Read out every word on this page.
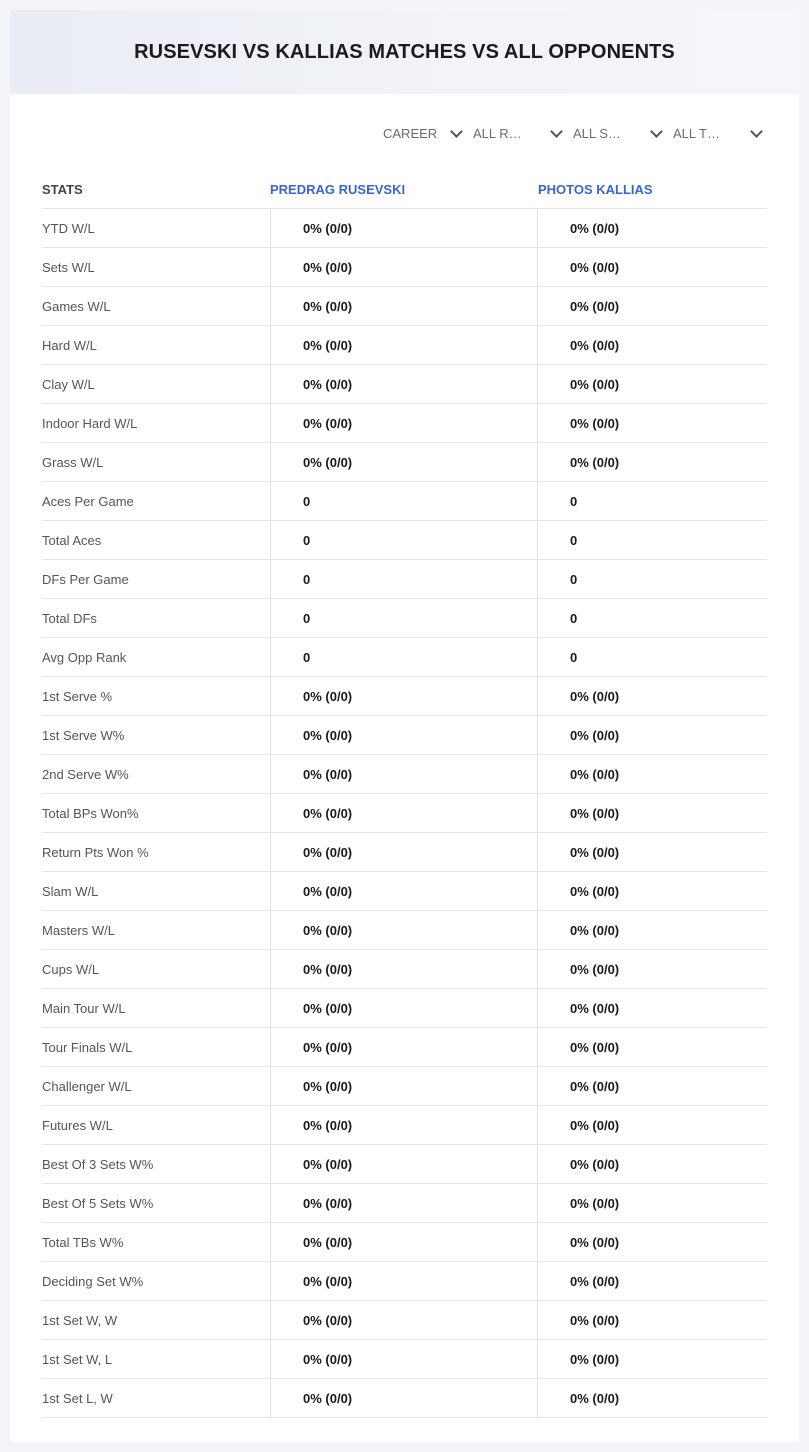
RUSEVSKI VS KALLIAS MATCHES VS ALL OPPONENTS
CAREER	ALL R…	ALL S…	ALL T…
STATS	PREDRAG RUSEVSKI	PHOTOS KALLIAS
YTD W/L	0% (0/0)	0% (0/0)
Sets W/L	0% (0/0)	0% (0/0)
Games W/L	0% (0/0)	0% (0/0)
Hard W/L	0% (0/0)	0% (0/0)
Clay W/L	0% (0/0)	0% (0/0)
Indoor Hard W/L	0% (0/0)	0% (0/0)
Grass W/L	0% (0/0)	0% (0/0)
Aces Per Game	0	0
Total Aces	0	0
DFs Per Game	0	0
Total DFs	0	0
Avg Opp Rank	0	0
1st Serve %	0% (0/0)	0% (0/0)
1st Serve W%	0% (0/0)	0% (0/0)
2nd Serve W%	0% (0/0)	0% (0/0)
Total BPs Won%	0% (0/0)	0% (0/0)
Return Pts Won %	0% (0/0)	0% (0/0)
Slam W/L	0% (0/0)	0% (0/0)
Masters W/L	0% (0/0)	0% (0/0)
Cups W/L	0% (0/0)	0% (0/0)
Main Tour W/L	0% (0/0)	0% (0/0)
Tour Finals W/L	0% (0/0)	0% (0/0)
Challenger W/L	0% (0/0)	0% (0/0)
Futures W/L	0% (0/0)	0% (0/0)
Best Of 3 Sets W%	0% (0/0)	0% (0/0)
Best Of 5 Sets W%	0% (0/0)	0% (0/0)
Total TBs W%	0% (0/0)	0% (0/0)
Deciding Set W%	0% (0/0)	0% (0/0)
1st Set W, W	0% (0/0)	0% (0/0)
1st Set W, L	0% (0/0)	0% (0/0)
1st Set L, W	0% (0/0)	0% (0/0)
